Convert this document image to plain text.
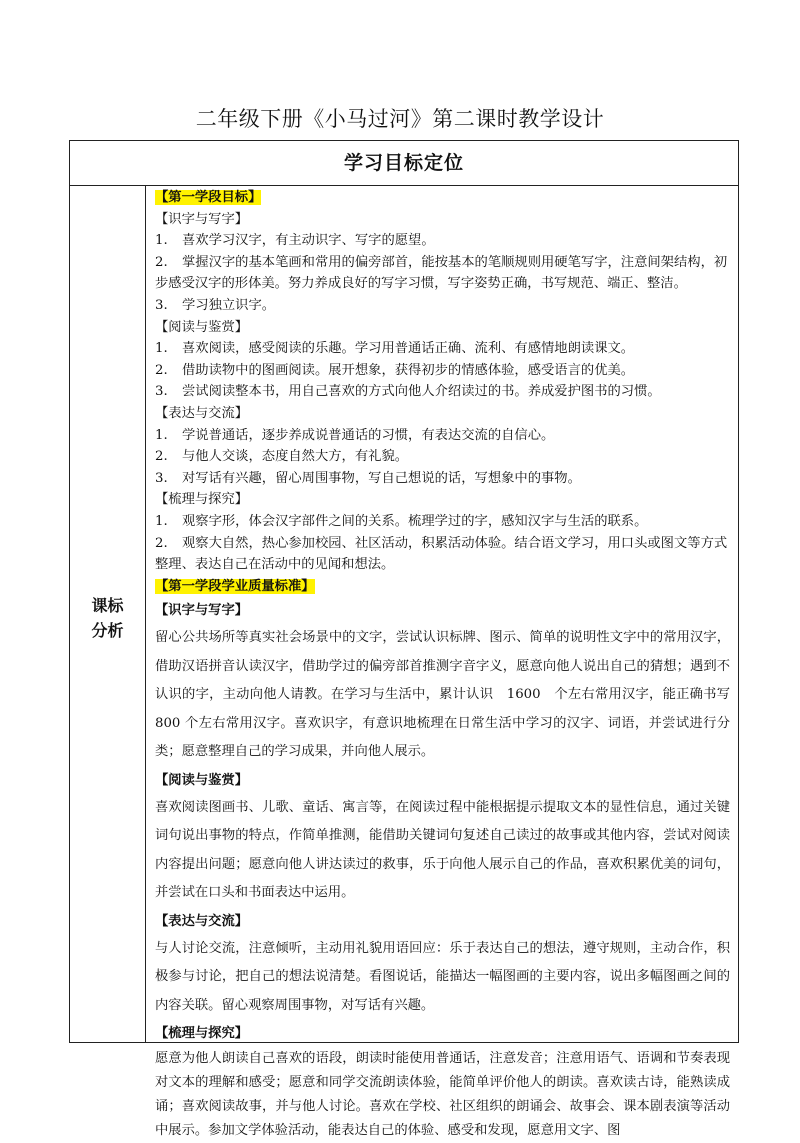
二年级下册《小马过河》第二课时教学设计
学习目标定位
课标
分析
【第一学段目标】
【识字与写字】
1. 喜欢学习汉字，有主动识字、写字的愿望。
2. 掌握汉字的基本笔画和常用的偏旁部首，能按基本的笔顺规则用硬笔写字，注意间架结构，初步感受汉字的形体美。努力养成良好的写字习惯，写字姿势正确，书写规范、端正、整洁。
3. 学习独立识字。
【阅读与鉴赏】
1. 喜欢阅读，感受阅读的乐趣。学习用普通话正确、流利、有感情地朗读课文。
2. 借助读物中的图画阅读。展开想象，获得初步的情感体验，感受语言的优美。
3. 尝试阅读整本书，用自己喜欢的方式向他人介绍读过的书。养成爱护图书的习惯。
【表达与交流】
1. 学说普通话，逐步养成说普通话的习惯，有表达交流的自信心。
2. 与他人交谈，态度自然大方，有礼貌。
3. 对写话有兴趣，留心周围事物，写自己想说的话，写想象中的事物。
【梳理与探究】
1. 观察字形，体会汉字部件之间的关系。梳理学过的字，感知汉字与生活的联系。
2. 观察大自然，热心参加校园、社区活动，积累活动体验。结合语文学习，用口头或图文等方式整理、表达自己在活动中的见闻和想法。
【第一学段学业质量标准】
【识字与写字】
留心公共场所等真实社会场景中的文字，尝试认识标牌、图示、简单的说明性文字中的常用汉字，借助汉语拼音认读汉字，借助学过的偏旁部首推测字音字义，愿意向他人说出自己的猜想；遇到不认识的字，主动向他人请教。在学习与生活中，累计认识　1600　个左右常用汉字，能正确书写　800 个左右常用汉字。喜欢识字，有意识地梳理在日常生活中学习的汉字、词语，并尝试进行分类；愿意整理自己的学习成果，并向他人展示。
【阅读与鉴赏】
喜欢阅读图画书、儿歌、童话、寓言等，在阅读过程中能根据提示提取文本的显性信息，通过关键词句说出事物的特点，作简单推测，能借助关键词句复述自己读过的故事或其他内容，尝试对阅读内容提出问题；愿意向他人讲达读过的救事，乐于向他人展示自己的作品，喜欢积累优美的词句，并尝试在口头和书面表达中运用。
【表达与交流】
与人讨论交流，注意倾听，主动用礼貌用语回应：乐于表达自己的想法，遵守规则，主动合作，积极参与讨论，把自己的想法说清楚。看图说话，能描达一幅图画的主要内容，说出多幅图画之间的内容关联。留心观察周围事物，对写话有兴趣。
【梳理与探究】
愿意为他人朗读自己喜欢的语段，朗读时能使用普通话，注意发音；注意用语气、语调和节奏表现对文本的理解和感受；愿意和同学交流朗读体验，能简单评价他人的朗读。喜欢读古诗，能熟读成诵；喜欢阅读故事，并与他人讨论。喜欢在学校、社区组织的朗诵会、故事会、课本剧表演等活动中展示。参加文学体验活动，能表达自己的体验、感受和发现，愿意用文字、图
